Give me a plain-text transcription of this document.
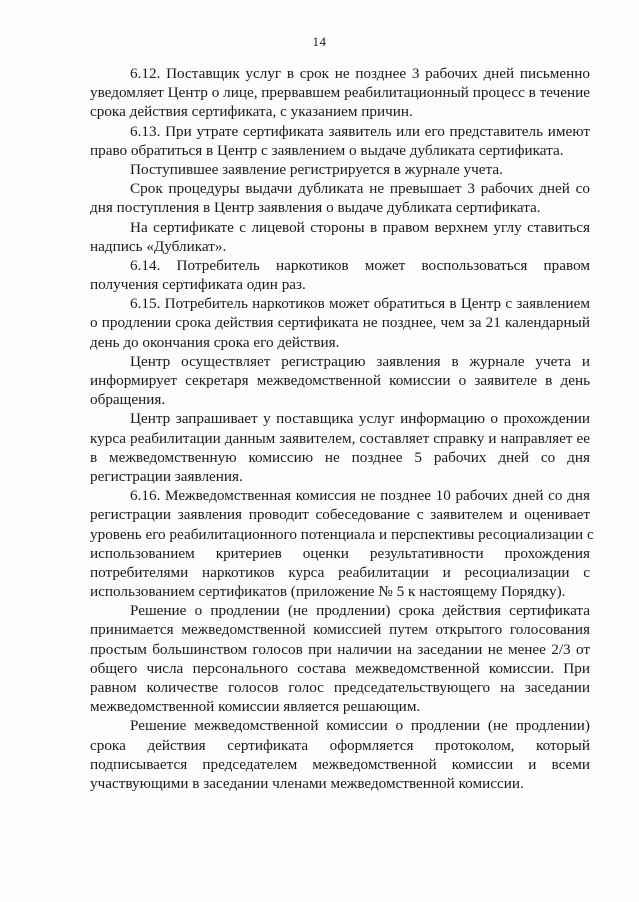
14
6.12. Поставщик услуг в срок не позднее 3 рабочих дней письменно
уведомляет Центр о лице, прервавшем реабилитационный процесс в течение
срока действия сертификата, с указанием причин.
6.13. При утрате сертификата заявитель или его представитель имеют
право обратиться в Центр с заявлением о выдаче дубликата сертификата.
Поступившее заявление регистрируется в журнале учета.
Срок процедуры выдачи дубликата не превышает 3 рабочих дней со
дня поступления в Центр заявления о выдаче дубликата сертификата.
На сертификате с лицевой стороны в правом верхнем углу ставиться
надпись «Дубликат».
6.14. Потребитель наркотиков может воспользоваться правом
получения сертификата один раз.
6.15. Потребитель наркотиков может обратиться в Центр с заявлением
о продлении срока действия сертификата не позднее, чем за 21 календарный
день до окончания срока его действия.
Центр осуществляет регистрацию заявления в журнале учета и
информирует секретаря межведомственной комиссии о заявителе в день
обращения.
Центр запрашивает у поставщика услуг информацию о прохождении
курса реабилитации данным заявителем, составляет справку и направляет ее
в межведомственную комиссию не позднее 5 рабочих дней со дня
регистрации заявления.
6.16. Межведомственная комиссия не позднее 10 рабочих дней со дня
регистрации заявления проводит собеседование с заявителем и оценивает
уровень его реабилитационного потенциала и перспективы ресоциализации с
использованием критериев оценки результативности прохождения
потребителями наркотиков курса реабилитации и ресоциализации с
использованием сертификатов (приложение № 5 к настоящему Порядку).
Решение о продлении (не продлении) срока действия сертификата
принимается межведомственной комиссией путем открытого голосования
простым большинством голосов при наличии на заседании не менее 2/3 от
общего числа персонального состава межведомственной комиссии. При
равном количестве голосов голос председательствующего на заседании
межведомственной комиссии является решающим.
Решение межведомственной комиссии о продлении (не продлении)
срока действия сертификата оформляется протоколом, который
подписывается председателем межведомственной комиссии и всеми
участвующими в заседании членами межведомственной комиссии.
